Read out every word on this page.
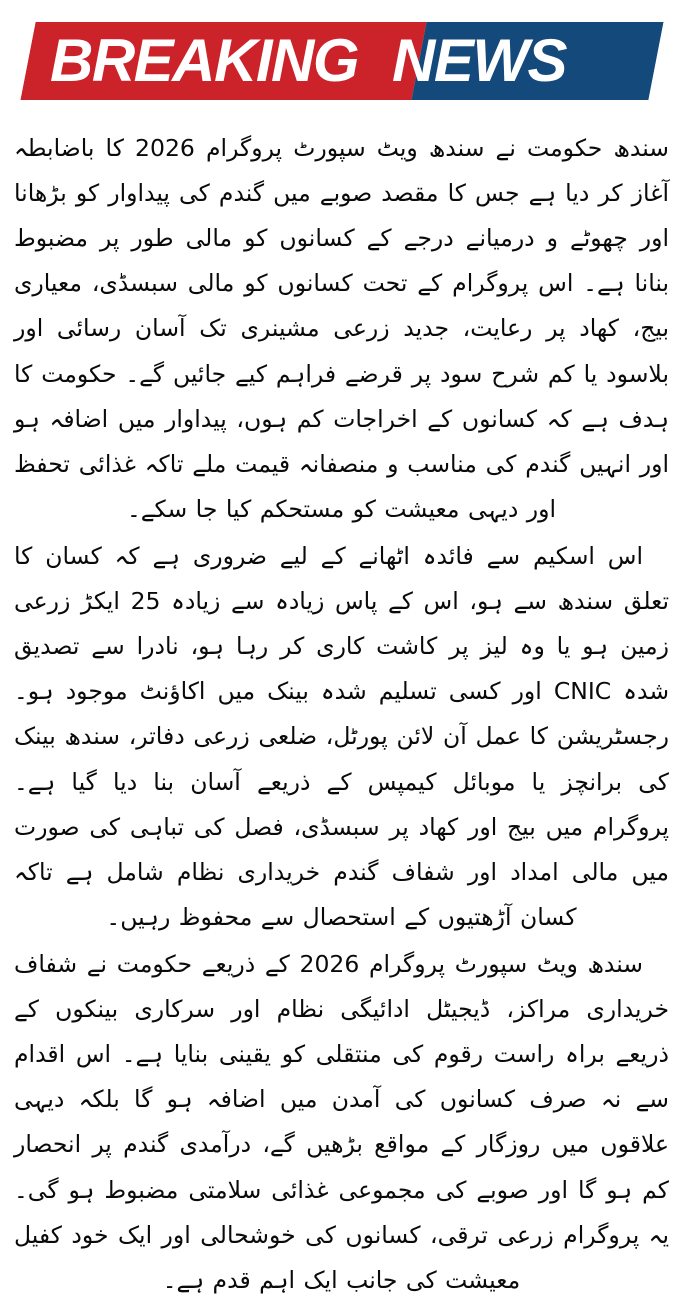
BREAKING NEWS

سندھ حکومت نے سندھ ویٹ سپورٹ پروگرام 2026 کا باضابطہ آغاز کر دیا ہے جس کا مقصد صوبے میں گندم کی پیداوار کو بڑھانا اور چھوٹے و درمیانے درجے کے کسانوں کو مالی طور پر مضبوط بنانا ہے۔ اس پروگرام کے تحت کسانوں کو مالی سبسڈی، معیاری بیج، کھاد پر رعایت، جدید زرعی مشینری تک آسان رسائی اور بلاسود یا کم شرح سود پر قرضے فراہم کیے جائیں گے۔ حکومت کا ہدف ہے کہ کسانوں کے اخراجات کم ہوں، پیداوار میں اضافہ ہو اور انہیں گندم کی مناسب و منصفانہ قیمت ملے تاکہ غذائی تحفظ اور دیہی معیشت کو مستحکم کیا جا سکے۔

اس اسکیم سے فائدہ اٹھانے کے لیے ضروری ہے کہ کسان کا تعلق سندھ سے ہو، اس کے پاس زیادہ سے زیادہ 25 ایکڑ زرعی زمین ہو یا وہ لیز پر کاشت کاری کر رہا ہو، نادرا سے تصدیق شدہ CNIC اور کسی تسلیم شدہ بینک میں اکاؤنٹ موجود ہو۔ رجسٹریشن کا عمل آن لائن پورٹل، ضلعی زرعی دفاتر، سندھ بینک کی برانچز یا موبائل کیمپس کے ذریعے آسان بنا دیا گیا ہے۔ پروگرام میں بیج اور کھاد پر سبسڈی، فصل کی تباہی کی صورت میں مالی امداد اور شفاف گندم خریداری نظام شامل ہے تاکہ کسان آڑھتیوں کے استحصال سے محفوظ رہیں۔

سندھ ویٹ سپورٹ پروگرام 2026 کے ذریعے حکومت نے شفاف خریداری مراکز، ڈیجیٹل ادائیگی نظام اور سرکاری بینکوں کے ذریعے براہ راست رقوم کی منتقلی کو یقینی بنایا ہے۔ اس اقدام سے نہ صرف کسانوں کی آمدن میں اضافہ ہو گا بلکہ دیہی علاقوں میں روزگار کے مواقع بڑھیں گے، درآمدی گندم پر انحصار کم ہو گا اور صوبے کی مجموعی غذائی سلامتی مضبوط ہو گی۔ یہ پروگرام زرعی ترقی، کسانوں کی خوشحالی اور ایک خود کفیل معیشت کی جانب ایک اہم قدم ہے۔
